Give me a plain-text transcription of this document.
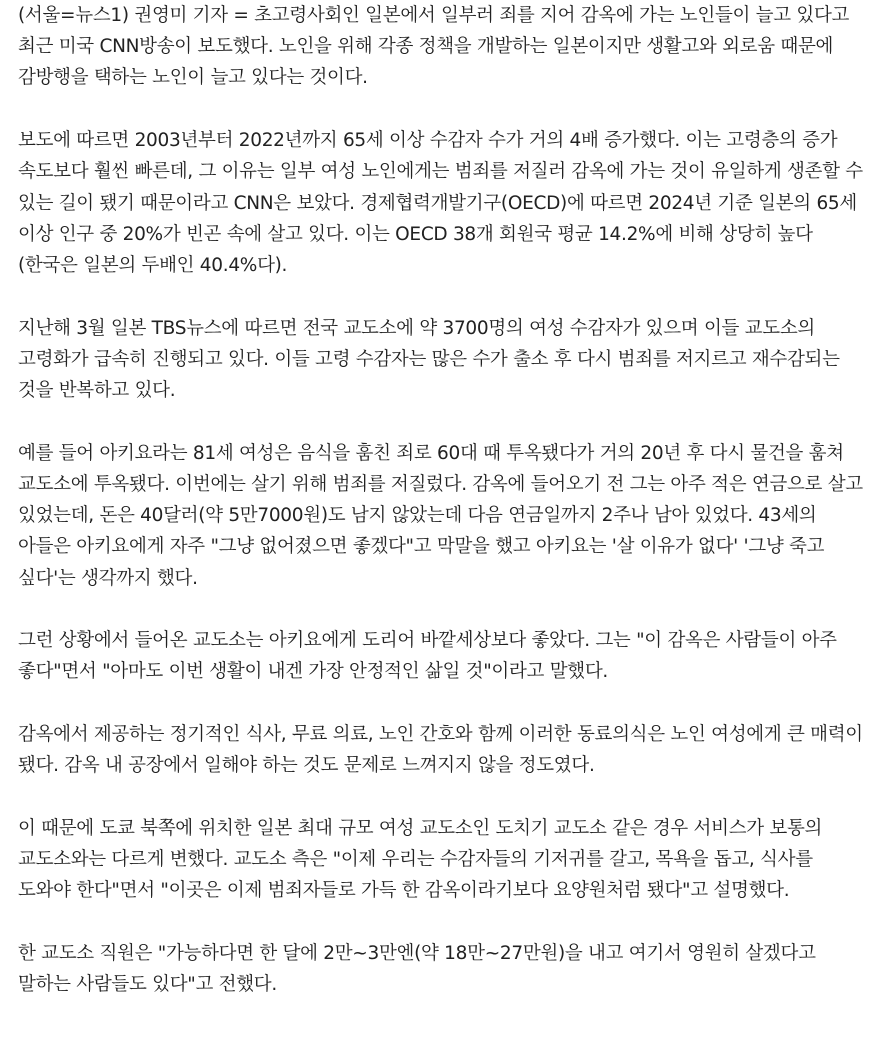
(서울=뉴스1) 권영미 기자 = 초고령사회인 일본에서 일부러 죄를 지어 감옥에 가는 노인들이 늘고 있다고 최근 미국 CNN방송이 보도했다. 노인을 위해 각종 정책을 개발하는 일본이지만 생활고와 외로움 때문에 감방행을 택하는 노인이 늘고 있다는 것이다.

보도에 따르면 2003년부터 2022년까지 65세 이상 수감자 수가 거의 4배 증가했다. 이는 고령층의 증가 속도보다 훨씬 빠른데, 그 이유는 일부 여성 노인에게는 범죄를 저질러 감옥에 가는 것이 유일하게 생존할 수 있는 길이 됐기 때문이라고 CNN은 보았다. 경제협력개발기구(OECD)에 따르면 2024년 기준 일본의 65세 이상 인구 중 20%가 빈곤 속에 살고 있다. 이는 OECD 38개 회원국 평균 14.2%에 비해 상당히 높다(한국은 일본의 두배인 40.4%다).

지난해 3월 일본 TBS뉴스에 따르면 전국 교도소에 약 3700명의 여성 수감자가 있으며 이들 교도소의 고령화가 급속히 진행되고 있다. 이들 고령 수감자는 많은 수가 출소 후 다시 범죄를 저지르고 재수감되는 것을 반복하고 있다.

예를 들어 아키요라는 81세 여성은 음식을 훔친 죄로 60대 때 투옥됐다가 거의 20년 후 다시 물건을 훔쳐 교도소에 투옥됐다. 이번에는 살기 위해 범죄를 저질렀다. 감옥에 들어오기 전 그는 아주 적은 연금으로 살고 있었는데, 돈은 40달러(약 5만7000원)도 남지 않았는데 다음 연금일까지 2주나 남아 있었다. 43세의 아들은 아키요에게 자주 "그냥 없어졌으면 좋겠다"고 막말을 했고 아키요는 '살 이유가 없다' '그냥 죽고 싶다'는 생각까지 했다.

그런 상황에서 들어온 교도소는 아키요에게 도리어 바깥세상보다 좋았다. 그는 "이 감옥은 사람들이 아주 좋다"면서 "아마도 이번 생활이 내겐 가장 안정적인 삶일 것"이라고 말했다.

감옥에서 제공하는 정기적인 식사, 무료 의료, 노인 간호와 함께 이러한 동료의식은 노인 여성에게 큰 매력이 됐다. 감옥 내 공장에서 일해야 하는 것도 문제로 느껴지지 않을 정도였다.

이 때문에 도쿄 북쪽에 위치한 일본 최대 규모 여성 교도소인 도치기 교도소 같은 경우 서비스가 보통의 교도소와는 다르게 변했다. 교도소 측은 "이제 우리는 수감자들의 기저귀를 갈고, 목욕을 돕고, 식사를 도와야 한다"면서 "이곳은 이제 범죄자들로 가득 한 감옥이라기보다 요양원처럼 됐다"고 설명했다.

한 교도소 직원은 "가능하다면 한 달에 2만~3만엔(약 18만~27만원)을 내고 여기서 영원히 살겠다고 말하는 사람들도 있다"고 전했다.
